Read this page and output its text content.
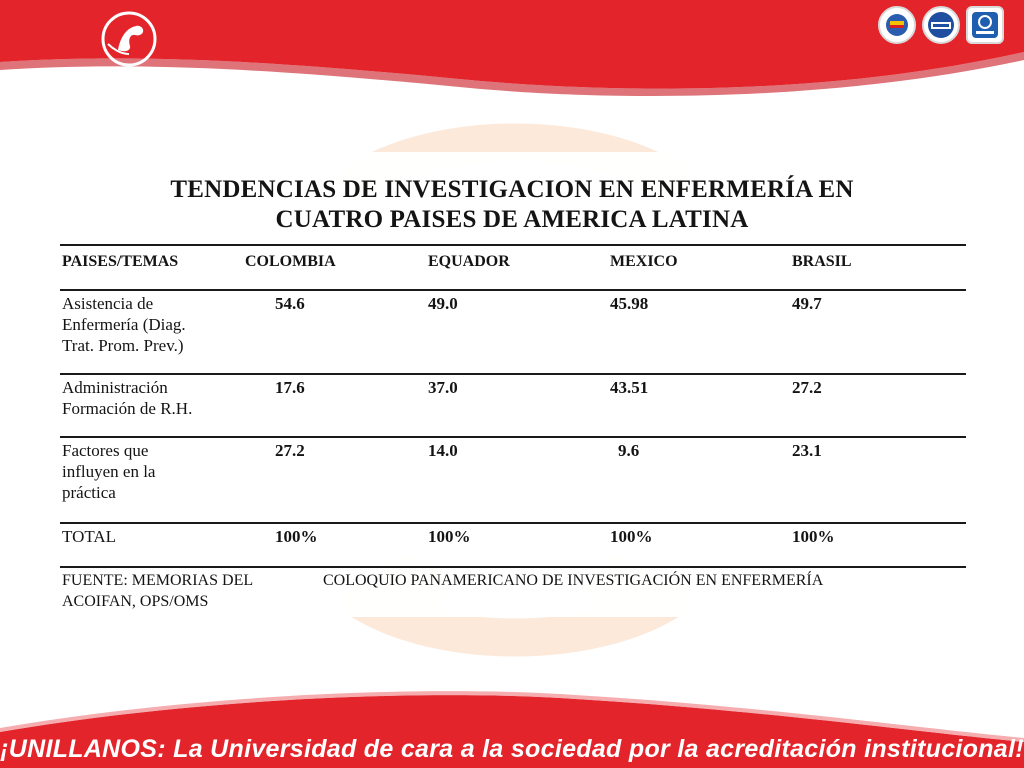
TENDENCIAS DE INVESTIGACION EN ENFERMERÍA EN
CUATRO PAISES DE AMERICA LATINA
PAISES/TEMAS	COLOMBIA	EQUADOR	MEXICO	BRASIL
Asistencia de
Enfermería (Diag.
Trat. Prom. Prev.)
54.6	49.0	45.98	49.7
Administración
Formación de R.H.
17.6	37.0	43.51	27.2
Factores que
influyen en la
práctica
27.2	14.0	9.6	23.1
TOTAL	100%	100%	100%	100%
FUENTE: MEMORIAS DEL	COLOQUIO PANAMERICANO DE INVESTIGACIÓN EN ENFERMERÍA
ACOIFAN, OPS/OMS
¡UNILLANOS: La Universidad de cara a la sociedad por la acreditación institucional!
